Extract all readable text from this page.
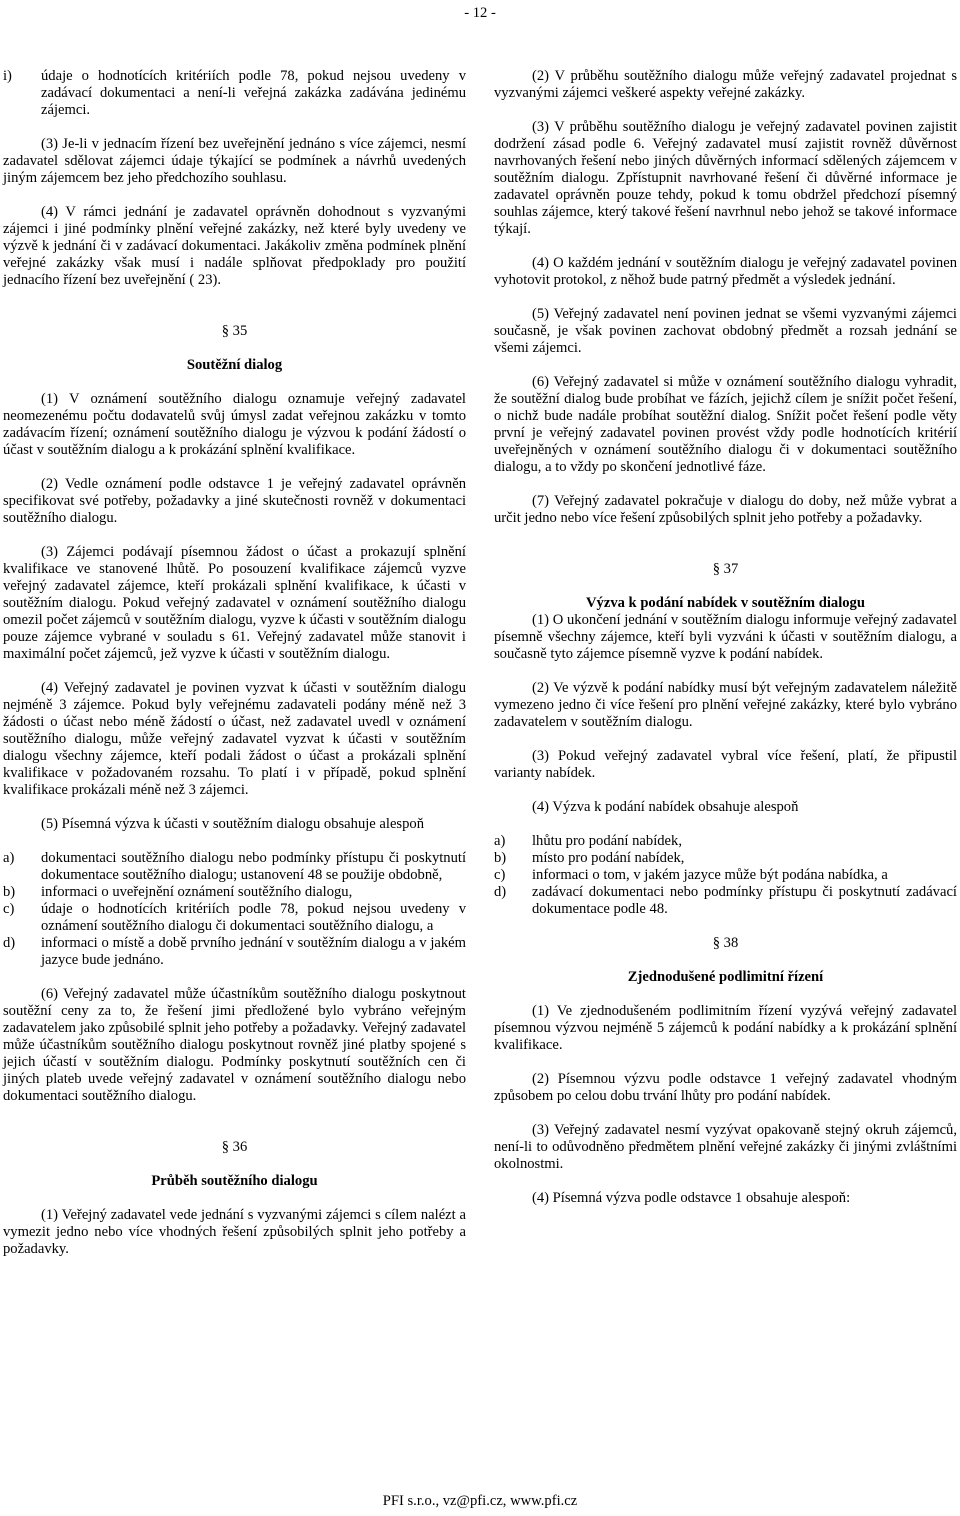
- 12 -
i) údaje o hodnotících kritériích podle 78, pokud nejsou uvedeny v zadávací dokumentaci a není-li veřejná zakázka zadávána jedinému zájemci.

(3) Je-li v jednacím řízení bez uveřejnění jednáno s více zájemci, nesmí zadavatel sdělovat zájemci údaje týkající se podmínek a návrhů uvedených jiným zájemcem bez jeho předchozího souhlasu.

(4) V rámci jednání je zadavatel oprávněn dohodnout s vyzvanými zájemci i jiné podmínky plnění veřejné zakázky, než které byly uvedeny ve výzvě k jednání či v zadávací dokumentaci. Jakákoliv změna podmínek plnění veřejné zakázky však musí i nadále splňovat předpoklady pro použití jednacího řízení bez uveřejnění ( 23).

§ 35

Soutěžní dialog

(1) V oznámení soutěžního dialogu oznamuje veřejný zadavatel neomezenému počtu dodavatelů svůj úmysl zadat veřejnou zakázku v tomto zadávacím řízení; oznámení soutěžního dialogu je výzvou k podání žádostí o účast v soutěžním dialogu a k prokázání splnění kvalifikace.

(2) Vedle oznámení podle odstavce 1 je veřejný zadavatel oprávněn specifikovat své potřeby, požadavky a jiné skutečnosti rovněž v dokumentaci soutěžního dialogu.

(3) Zájemci podávají písemnou žádost o účast a prokazují splnění kvalifikace ve stanovené lhůtě. Po posouzení kvalifikace zájemců vyzve veřejný zadavatel zájemce, kteří prokázali splnění kvalifikace, k účasti v soutěžním dialogu. Pokud veřejný zadavatel v oznámení soutěžního dialogu omezil počet zájemců v soutěžním dialogu, vyzve k účasti v soutěžním dialogu pouze zájemce vybrané v souladu s 61. Veřejný zadavatel může stanovit i maximální počet zájemců, jež vyzve k účasti v soutěžním dialogu.

(4) Veřejný zadavatel je povinen vyzvat k účasti v soutěžním dialogu nejméně 3 zájemce. Pokud byly veřejnému zadavateli podány méně než 3 žádosti o účast nebo méně žádostí o účast, než zadavatel uvedl v oznámení soutěžního dialogu, může veřejný zadavatel vyzvat k účasti v soutěžním dialogu všechny zájemce, kteří podali žádost o účast a prokázali splnění kvalifikace v požadovaném rozsahu. To platí i v případě, pokud splnění kvalifikace prokázali méně než 3 zájemci.

(5) Písemná výzva k účasti v soutěžním dialogu obsahuje alespoň

a) dokumentaci soutěžního dialogu nebo podmínky přístupu či poskytnutí dokumentace soutěžního dialogu; ustanovení 48 se použije obdobně,
b) informaci o uveřejnění oznámení soutěžního dialogu,
c) údaje o hodnotících kritériích podle 78, pokud nejsou uvedeny v oznámení soutěžního dialogu či dokumentaci soutěžního dialogu, a
d) informaci o místě a době prvního jednání v soutěžním dialogu a v jakém jazyce bude jednáno.

(6) Veřejný zadavatel může účastníkům soutěžního dialogu poskytnout soutěžní ceny za to, že řešení jimi předložené bylo vybráno veřejným zadavatelem jako způsobilé splnit jeho potřeby a požadavky. Veřejný zadavatel může účastníkům soutěžního dialogu poskytnout rovněž jiné platby spojené s jejich účastí v soutěžním dialogu. Podmínky poskytnutí soutěžních cen či jiných plateb uvede veřejný zadavatel v oznámení soutěžního dialogu nebo dokumentaci soutěžního dialogu.

§ 36

Průběh soutěžního dialogu

(1) Veřejný zadavatel vede jednání s vyzvanými zájemci s cílem nalézt a vymezit jedno nebo více vhodných řešení způsobilých splnit jeho potřeby a požadavky.

(2) V průběhu soutěžního dialogu může veřejný zadavatel projednat s vyzvanými zájemci veškeré aspekty veřejné zakázky.

(3) V průběhu soutěžního dialogu je veřejný zadavatel povinen zajistit dodržení zásad podle 6. Veřejný zadavatel musí zajistit rovněž důvěrnost navrhovaných řešení nebo jiných důvěrných informací sdělených zájemcem v soutěžním dialogu. Zpřístupnit navrhované řešení či důvěrné informace je zadavatel oprávněn pouze tehdy, pokud k tomu obdržel předchozí písemný souhlas zájemce, který takové řešení navrhnul nebo jehož se takové informace týkají.

(4) O každém jednání v soutěžním dialogu je veřejný zadavatel povinen vyhotovit protokol, z něhož bude patrný předmět a výsledek jednání.

(5) Veřejný zadavatel není povinen jednat se všemi vyzvanými zájemci současně, je však povinen zachovat obdobný předmět a rozsah jednání se všemi zájemci.

(6) Veřejný zadavatel si může v oznámení soutěžního dialogu vyhradit, že soutěžní dialog bude probíhat ve fázích, jejichž cílem je snížit počet řešení, o nichž bude nadále probíhat soutěžní dialog. Snížit počet řešení podle věty první je veřejný zadavatel povinen provést vždy podle hodnotících kritérií uveřejněných v oznámení soutěžního dialogu či v dokumentaci soutěžního dialogu, a to vždy po skončení jednotlivé fáze.

(7) Veřejný zadavatel pokračuje v dialogu do doby, než může vybrat a určit jedno nebo více řešení způsobilých splnit jeho potřeby a požadavky.

§ 37

Výzva k podání nabídek v soutěžním dialogu

(1) O ukončení jednání v soutěžním dialogu informuje veřejný zadavatel písemně všechny zájemce, kteří byli vyzváni k účasti v soutěžním dialogu, a současně tyto zájemce písemně vyzve k podání nabídek.

(2) Ve výzvě k podání nabídky musí být veřejným zadavatelem náležitě vymezeno jedno či více řešení pro plnění veřejné zakázky, které bylo vybráno zadavatelem v soutěžním dialogu.

(3) Pokud veřejný zadavatel vybral více řešení, platí, že připustil varianty nabídek.

(4) Výzva k podání nabídek obsahuje alespoň

a) lhůtu pro podání nabídek,
b) místo pro podání nabídek,
c) informaci o tom, v jakém jazyce může být podána nabídka, a
d) zadávací dokumentaci nebo podmínky přístupu či poskytnutí zadávací dokumentace podle 48.

§ 38

Zjednodušené podlimitní řízení

(1) Ve zjednodušeném podlimitním řízení vyzývá veřejný zadavatel písemnou výzvou nejméně 5 zájemců k podání nabídky a k prokázání splnění kvalifikace.

(2) Písemnou výzvu podle odstavce 1 veřejný zadavatel vhodným způsobem po celou dobu trvání lhůty pro podání nabídek.

(3) Veřejný zadavatel nesmí vyzývat opakovaně stejný okruh zájemců, není-li to odůvodněno předmětem plnění veřejné zakázky či jinými zvláštními okolnostmi.

(4) Písemná výzva podle odstavce 1 obsahuje alespoň:

PFI s.r.o., vz@pfi.cz, www.pfi.cz
